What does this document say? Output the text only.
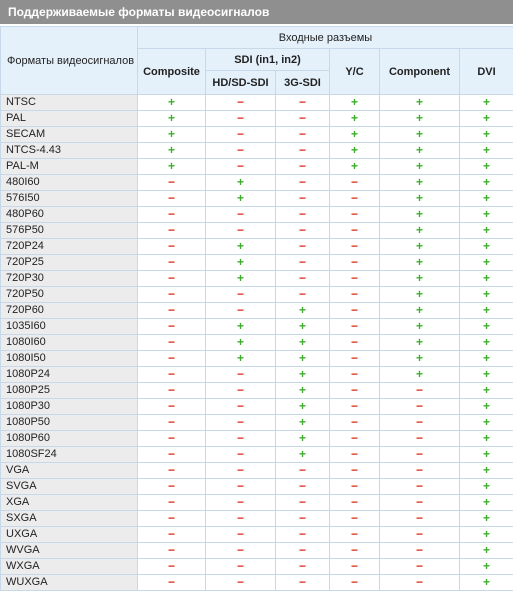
Поддерживаемые форматы видеосигналов
Форматы видеосигналов	Входные разъемы					
	Composite	SDI (in1, in2)		Y/C	Component	DVI
		HD/SD-SDI	3G-SDI			
NTSC	+	−	−	+	+	+
PAL	+	−	−	+	+	+
SECAM	+	−	−	+	+	+
NTCS-4.43	+	−	−	+	+	+
PAL-M	+	−	−	+	+	+
480I60	−	+	−	−	+	+
576I50	−	+	−	−	+	+
480P60	−	−	−	−	+	+
576P50	−	−	−	−	+	+
720P24	−	+	−	−	+	+
720P25	−	+	−	−	+	+
720P30	−	+	−	−	+	+
720P50	−	−	−	−	+	+
720P60	−	−	+	−	+	+
1035I60	−	+	+	−	+	+
1080I60	−	+	+	−	+	+
1080I50	−	+	+	−	+	+
1080P24	−	−	+	−	+	+
1080P25	−	−	+	−	−	+
1080P30	−	−	+	−	−	+
1080P50	−	−	+	−	−	+
1080P60	−	−	+	−	−	+
1080SF24	−	−	+	−	−	+
VGA	−	−	−	−	−	+
SVGA	−	−	−	−	−	+
XGA	−	−	−	−	−	+
SXGA	−	−	−	−	−	+
UXGA	−	−	−	−	−	+
WVGA	−	−	−	−	−	+
WXGA	−	−	−	−	−	+
WUXGA	−	−	−	−	−	+
